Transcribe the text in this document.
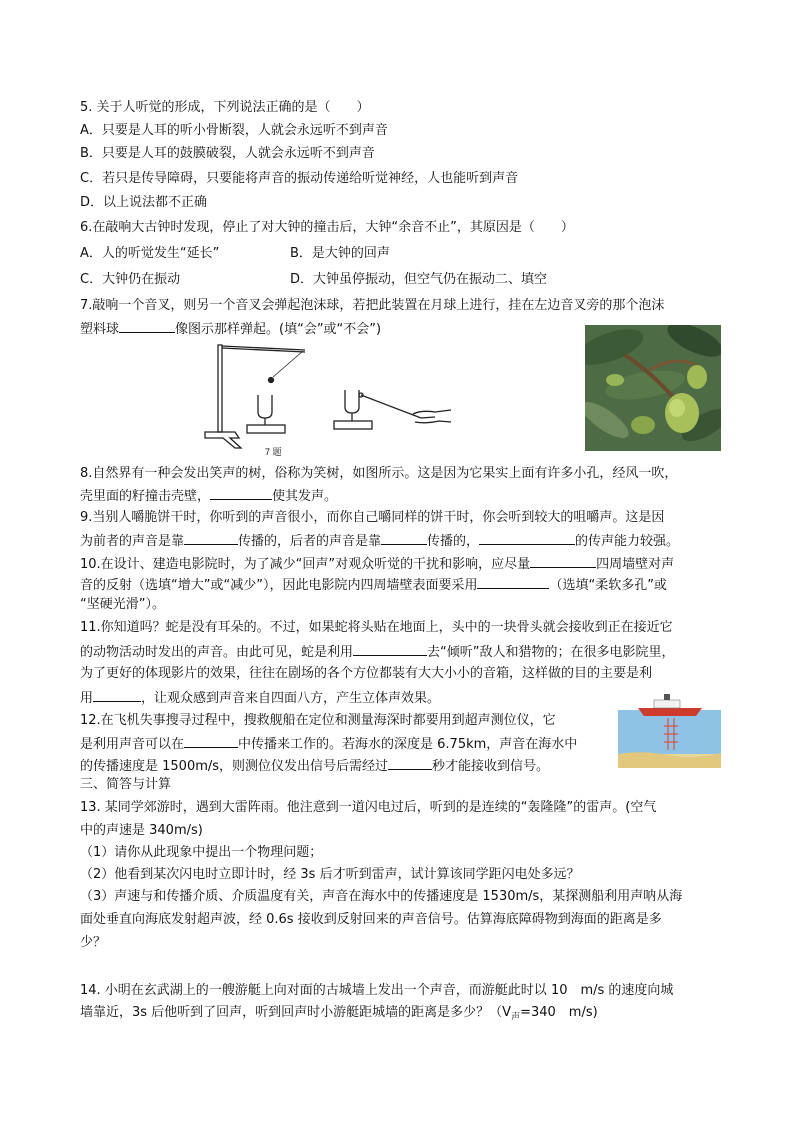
5. 关于人听觉的形成，下列说法正确的是（　　）
A．只要是人耳的听小骨断裂，人就会永远听不到声音
B．只要是人耳的鼓膜破裂，人就会永远听不到声音
C．若只是传导障碍，只要能将声音的振动传递给听觉神经，人也能听到声音
D．以上说法都不正确
6.在敲响大古钟时发现，停止了对大钟的撞击后，大钟“余音不止”，其原因是（　　）
A．人的听觉发生“延长”	B．是大钟的回声
C．大钟仍在振动	D．大钟虽停振动，但空气仍在振动二、填空
7.敲响一个音叉，则另一个音叉会弹起泡沫球，若把此装置在月球上进行，挂在左边音叉旁的那个泡沫
塑料球	像图示那样弹起。(填“会”或“不会”)
7 题
8.自然界有一种会发出笑声的树，俗称为笑树，如图所示。这是因为它果实上面有许多小孔，经风一吹，
壳里面的籽撞击壳壁，	使其发声。
9.当别人嚼脆饼干时，你听到的声音很小，而你自己嚼同样的饼干时，你会听到较大的咀嚼声。这是因
为前者的声音是靠	传播的，后者的声音是靠	传播的，	的传声能力较强。
10.在设计、建造电影院时，为了减少“回声”对观众听觉的干扰和影响，应尽量	四周墙壁对声
音的反射（选填“增大”或“减少”），因此电影院内四周墙壁表面要采用	（选填“柔软多孔”或
“坚硬光滑”）。
11.你知道吗？蛇是没有耳朵的。不过，如果蛇将头贴在地面上，头中的一块骨头就会接收到正在接近它
的动物活动时发出的声音。由此可见，蛇是利用	去“倾听”敌人和猎物的；在很多电影院里，
为了更好的体现影片的效果，往往在剧场的各个方位都装有大大小小的音箱，这样做的目的主要是利
用	，让观众感到声音来自四面八方，产生立体声效果。
12.在飞机失事搜寻过程中，搜救舰船在定位和测量海深时都要用到超声测位仪，它
是利用声音可以在	中传播来工作的。若海水的深度是 6.75km，声音在海水中
的传播速度是 1500m/s，则测位仪发出信号后需经过	秒才能接收到信号。
三、简答与计算
13. 某同学郊游时，遇到大雷阵雨。他注意到一道闪电过后，听到的是连续的“轰隆隆”的雷声。(空气
中的声速是 340m/s)
（1）请你从此现象中提出一个物理问题；
（2）他看到某次闪电时立即计时，经 3s 后才听到雷声，试计算该同学距闪电处多远？
（3）声速与和传播介质、介质温度有关，声音在海水中的传播速度是 1530m/s，某探测船利用声呐从海
面处垂直向海底发射超声波，经 0.6s 接收到反射回来的声音信号。估算海底障碍物到海面的距离是多
少？
14. 小明在玄武湖上的一艘游艇上向对面的古城墙上发出一个声音，而游艇此时以 10　m/s 的速度向城
墙靠近，3s 后他听到了回声，听到回声时小游艇距城墙的距离是多少？（$V_声=340$　m/s)
